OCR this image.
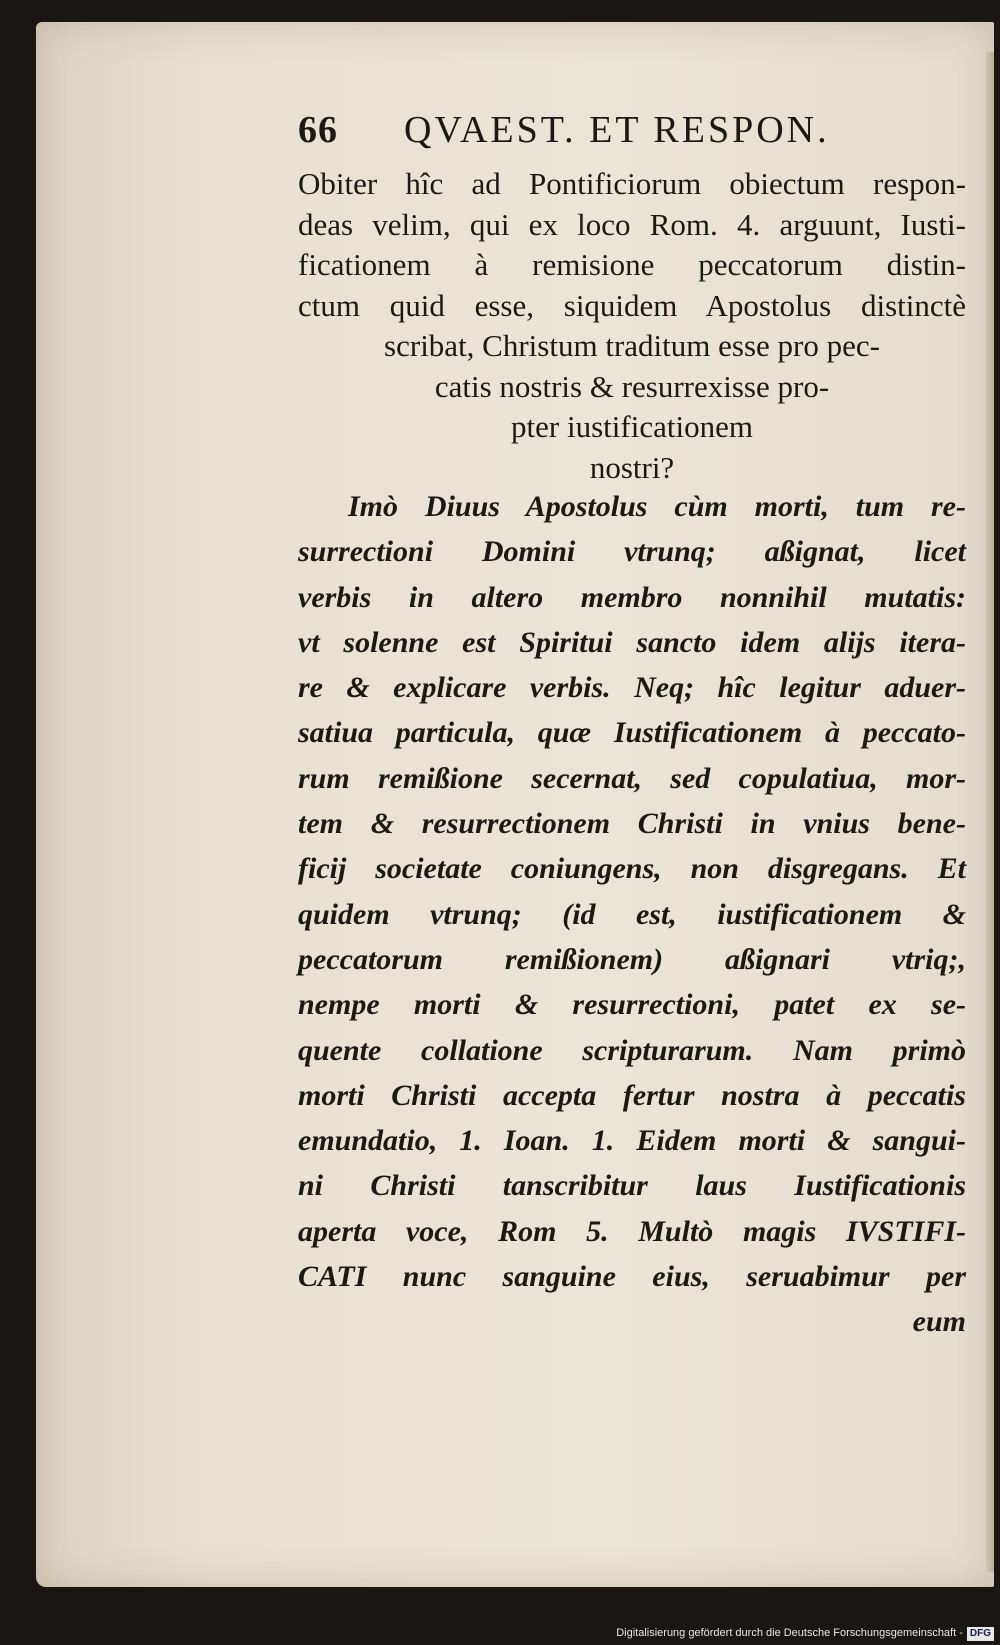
66 QVAEST. ET RESPON.
Obiter hîc ad Pontificiorum obiectum respon-
deas velim, qui ex loco Rom. 4. arguunt, Iusti-
ficationem à remisione peccatorum distin-
ctum quid esse, siquidem Apostolus distinctè
scribat, Christum traditum esse pro pec-
catis nostris & resurrexisse pro-
pter iustificationem
nostri?
Imò Diuus Apostolus cùm morti, tum re-
surrectioni Domini vtrunq; aßignat, licet
verbis in altero membro nonnihil mutatis:
vt solenne est Spiritui sancto idem alijs itera-
re & explicare verbis. Neq; hîc legitur aduer-
satiua particula, quæ Iustificationem à peccato-
rum remißione secernat, sed copulatiua, mor-
tem & resurrectionem Christi in vnius bene-
ficij societate coniungens, non disgregans. Et
quidem vtrunq; (id est, iustificationem &
peccatorum remißionem) aßignari vtriq;,
nempe morti & resurrectioni, patet ex se-
quente collatione scripturarum. Nam primò
morti Christi accepta fertur nostra à peccatis
emundatio, 1. Ioan. 1. Eidem morti & sangui-
ni Christi tanscribitur laus Iustificationis
aperta voce, Rom 5. Multò magis IVSTIFI-
CATI nunc sanguine eius, seruabimur per
eum
Digitalisierung gefördert durch die Deutsche Forschungsgemeinschaft - DFG
